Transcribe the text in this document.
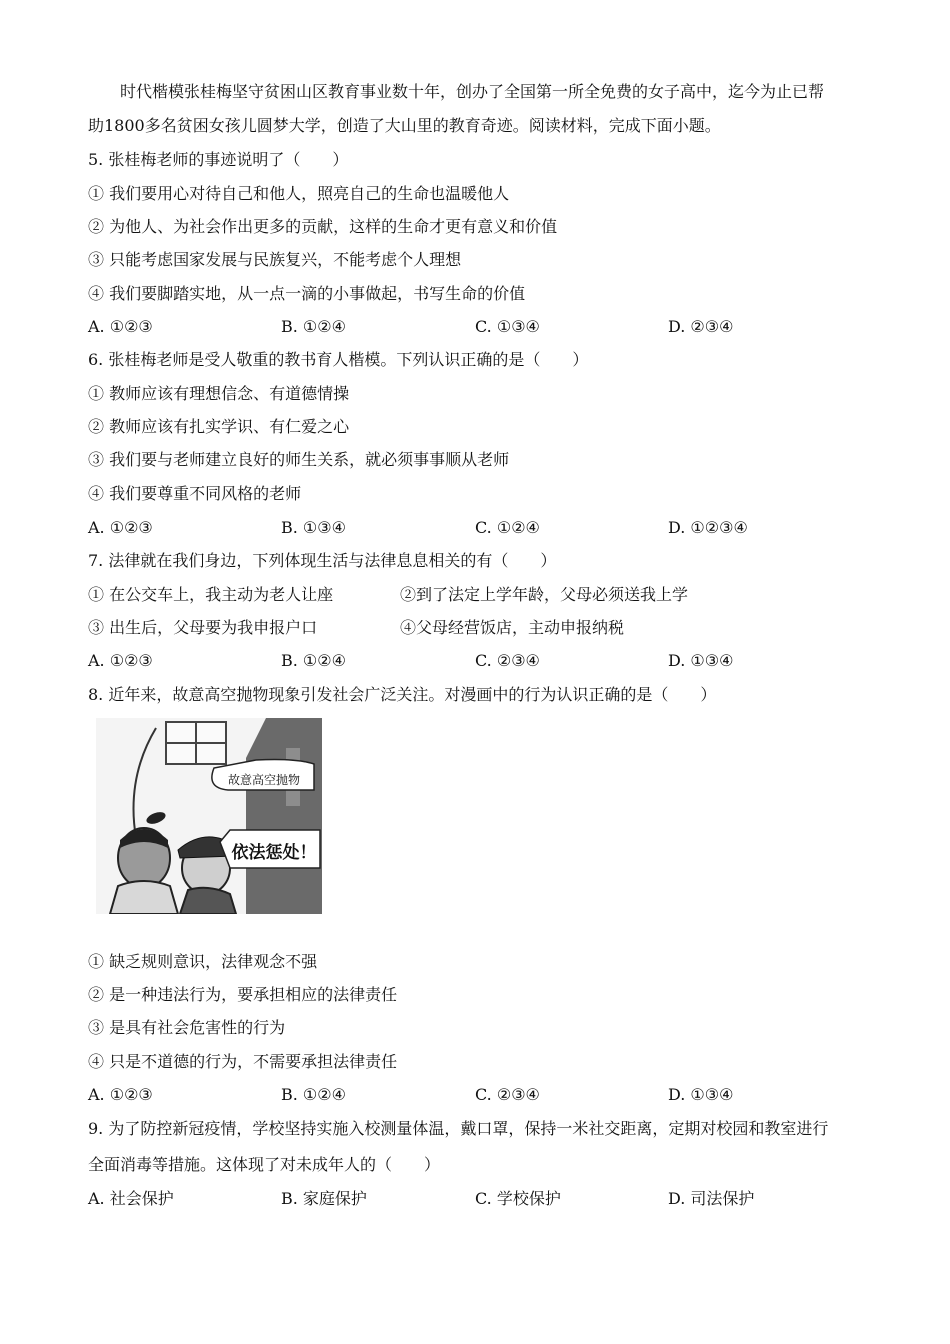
时代楷模张桂梅坚守贫困山区教育事业数十年，创办了全国第一所全免费的女子高中，迄今为止已帮
助1800多名贫困女孩儿圆梦大学，创造了大山里的教育奇迹。阅读材料，完成下面小题。
5. 张桂梅老师的事迹说明了（　　）
① 我们要用心对待自己和他人，照亮自己的生命也温暖他人
② 为他人、为社会作出更多的贡献，这样的生命才更有意义和价值
③ 只能考虑国家发展与民族复兴，不能考虑个人理想
④ 我们要脚踏实地，从一点一滴的小事做起，书写生命的价值
A. ①②③	B. ①②④	C. ①③④	D. ②③④
6. 张桂梅老师是受人敬重的教书育人楷模。下列认识正确的是（　　）
① 教师应该有理想信念、有道德情操
② 教师应该有扎实学识、有仁爱之心
③ 我们要与老师建立良好的师生关系，就必须事事顺从老师
④ 我们要尊重不同风格的老师
A. ①②③	B. ①③④	C. ①②④	D. ①②③④
7. 法律就在我们身边，下列体现生活与法律息息相关的有（　　）
① 在公交车上，我主动为老人让座	②到了法定上学年龄，父母必须送我上学
③ 出生后，父母要为我申报户口	④父母经营饭店，主动申报纳税
A. ①②③	B. ①②④	C. ②③④	D. ①③④
8. 近年来，故意高空抛物现象引发社会广泛关注。对漫画中的行为认识正确的是（　　）
故意高空抛物
依法惩处！
① 缺乏规则意识，法律观念不强
② 是一种违法行为，要承担相应的法律责任
③ 是具有社会危害性的行为
④ 只是不道德的行为，不需要承担法律责任
A. ①②③	B. ①②④	C. ②③④	D. ①③④
9. 为了防控新冠疫情，学校坚持实施入校测量体温，戴口罩，保持一米社交距离，定期对校园和教室进行
全面消毒等措施。这体现了对未成年人的（　　）
A. 社会保护	B. 家庭保护	C. 学校保护	D. 司法保护
